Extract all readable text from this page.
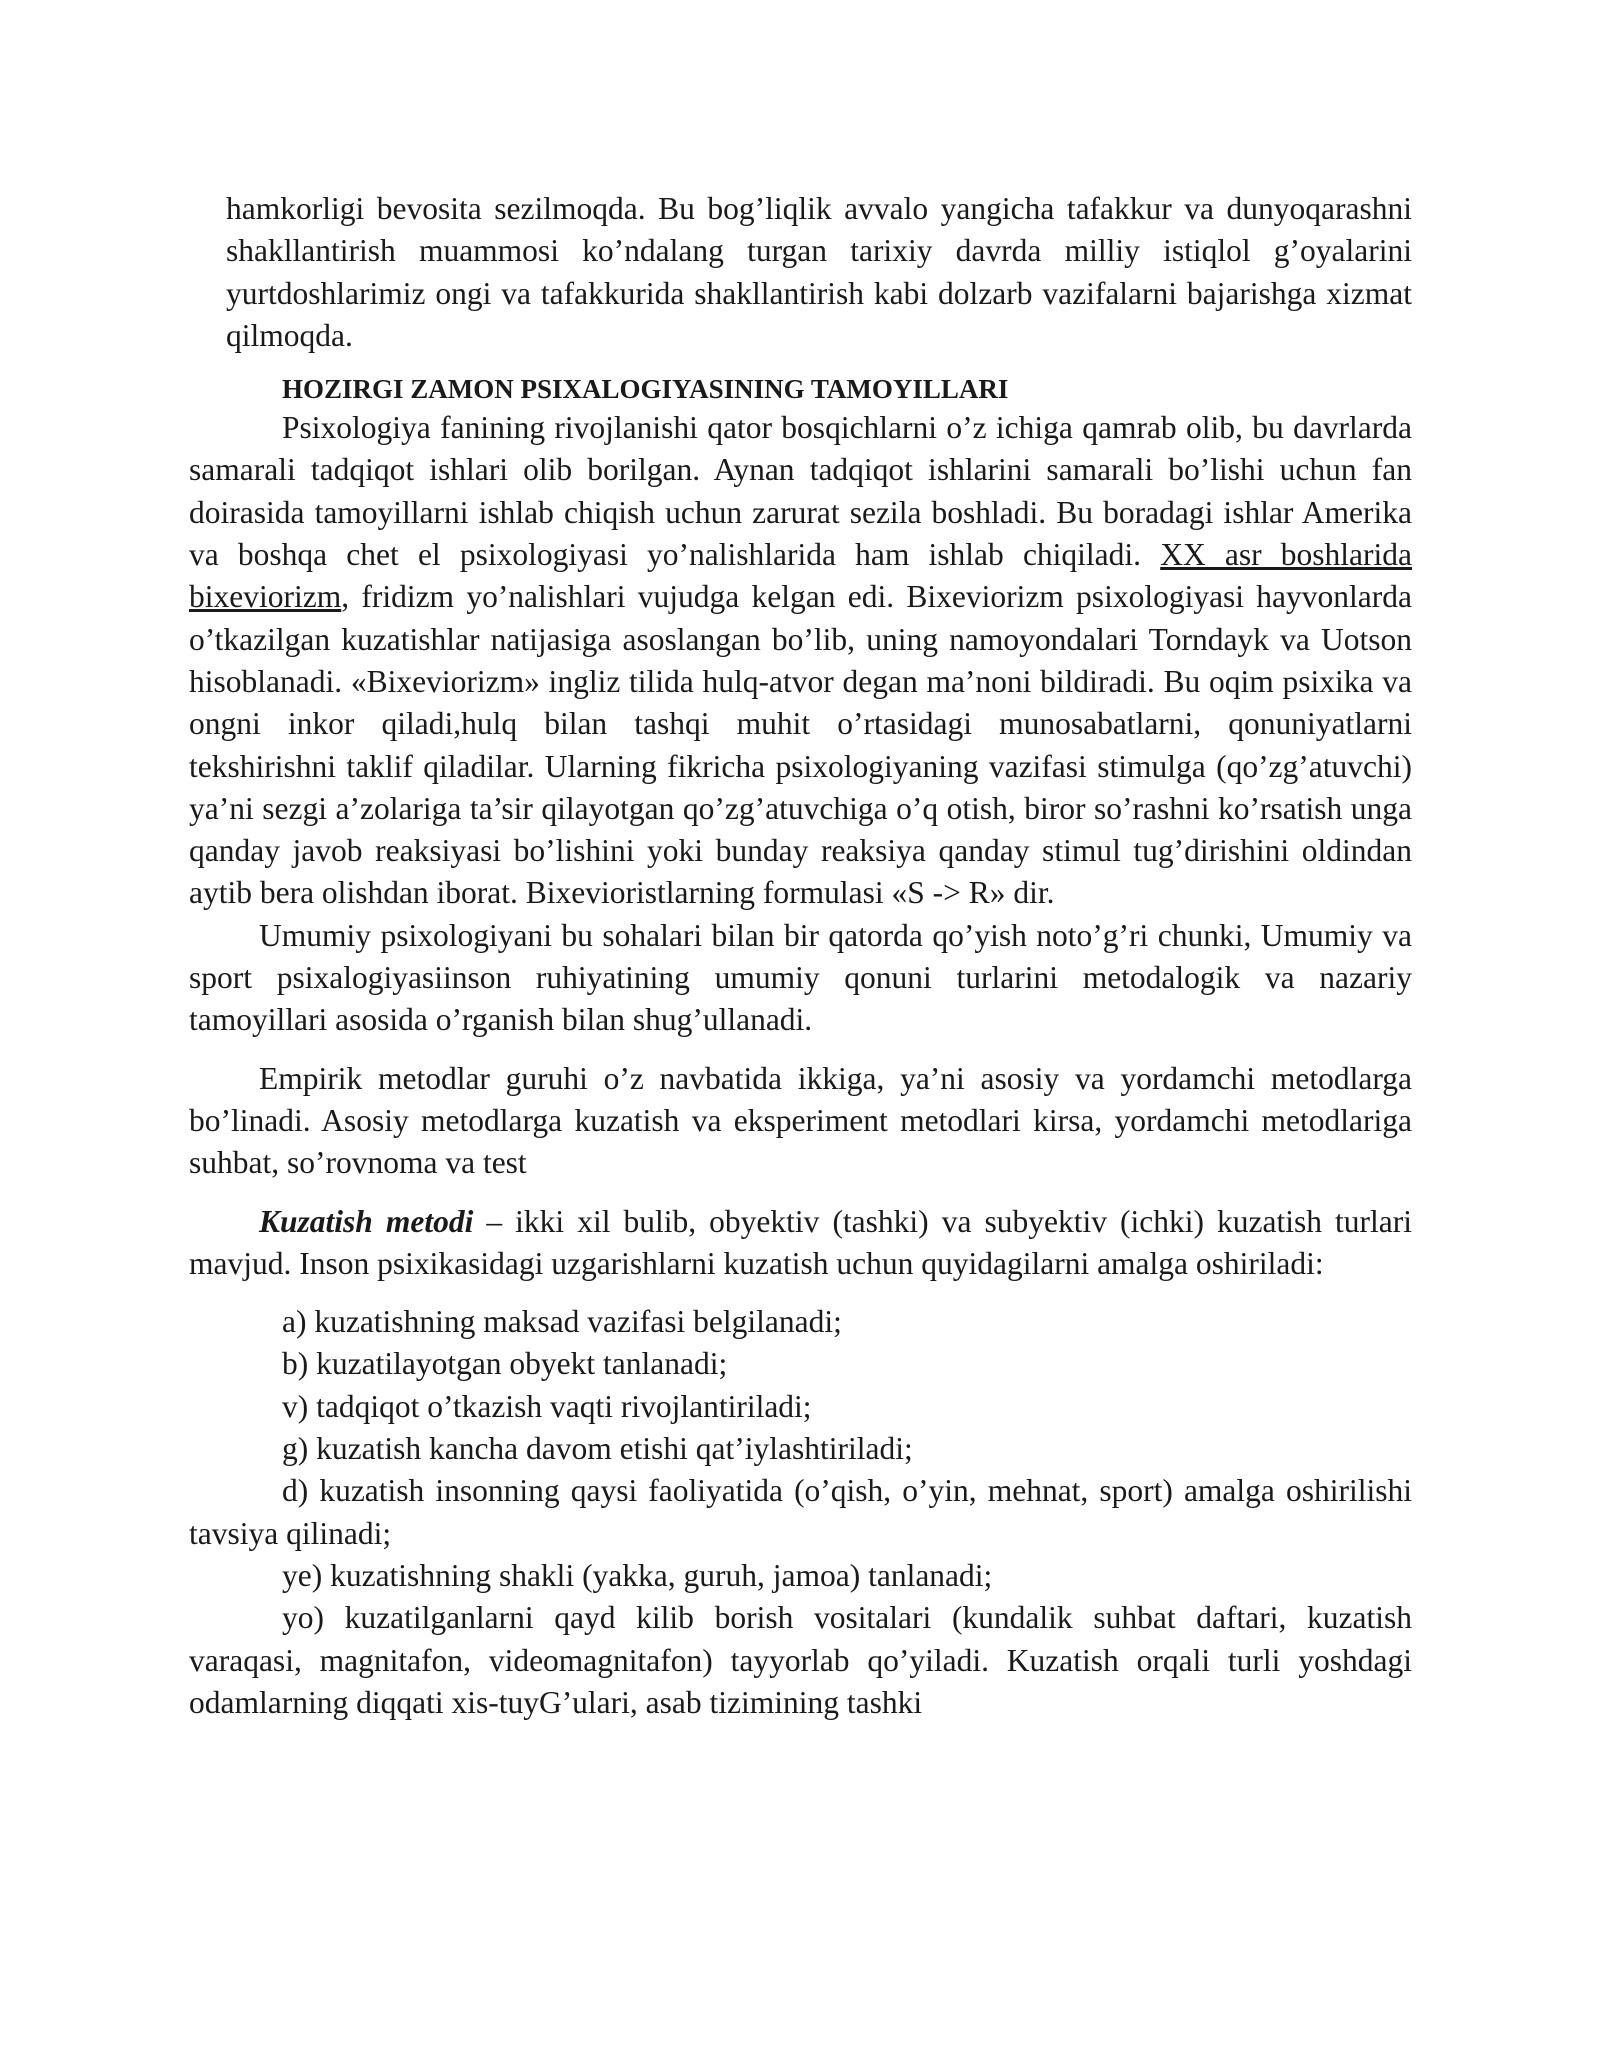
hamkorligi bevosita sezilmoqda. Bu bog’liqlik avvalo yangicha tafakkur va dunyoqarashni shakllantirish muammosi ko’ndalang turgan tarixiy davrda milliy istiqlol g’oyalarini yurtdoshlarimiz ongi va tafakkurida shakllantirish kabi dolzarb vazifalarni bajarishga xizmat qilmoqda.

HOZIRGI ZAMON PSIXALOGIYASINING TAMOYILLARI

Psixologiya fanining rivojlanishi qator bosqichlarni o’z ichiga qamrab olib, bu davrlarda samarali tadqiqot ishlari olib borilgan. Aynan tadqiqot ishlarini samarali bo’lishi uchun fan doirasida tamoyillarni ishlab chiqish uchun zarurat sezila boshladi. Bu boradagi ishlar Amerika va boshqa chet el psixologiyasi yo’nalishlarida ham ishlab chiqiladi. XX asr boshlarida bixeviorizm, fridizm yo’nalishlari vujudga kelgan edi. Bixeviorizm psixologiyasi hayvonlarda o’tkazilgan kuzatishlar natijasiga asoslangan bo’lib, uning namoyondalari Torndayk va Uotson hisoblanadi. «Bixeviorizm» ingliz tilida hulq-atvor degan ma’noni bildiradi. Bu oqim psixika va ongni inkor qiladi,hulq bilan tashqi muhit o’rtasidagi munosabatlarni, qonuniyatlarni tekshirishni taklif qiladilar. Ularning fikricha psixologiyaning vazifasi stimulga (qo’zg’atuvchi) ya’ni sezgi a’zolariga ta’sir qilayotgan qo’zg’atuvchiga o’q otish, biror so’rashni ko’rsatish unga qanday javob reaksiyasi bo’lishini yoki bunday reaksiya qanday stimul tug’dirishini oldindan aytib bera olishdan iborat. Bixevioristlarning formulasi «S -> R» dir.

Umumiy psixologiyani bu sohalari bilan bir qatorda qo’yish noto’g’ri chunki, Umumiy va sport psixalogiyasiinson ruhiyatining umumiy qonuni turlarini metodalogik va nazariy tamoyillari asosida o’rganish bilan shug’ullanadi.

Empirik metodlar guruhi o’z navbatida ikkiga, ya’ni asosiy va yordamchi metodlarga bo’linadi. Asosiy metodlarga kuzatish va eksperiment metodlari kirsa, yordamchi metodlariga suhbat, so’rovnoma va test

Kuzatish metodi – ikki xil bulib, obyektiv (tashki) va subyektiv (ichki) kuzatish turlari mavjud. Inson psixikasidagi uzgarishlarni kuzatish uchun quyidagilarni amalga oshiriladi:

a) kuzatishning maksad vazifasi belgilanadi;

b) kuzatilayotgan obyekt tanlanadi;

v) tadqiqot o’tkazish vaqti rivojlantiriladi;

g) kuzatish kancha davom etishi qat’iylashtiriladi;

d) kuzatish insonning qaysi faoliyatida (o’qish, o’yin, mehnat, sport) amalga oshirilishi tavsiya qilinadi;

ye) kuzatishning shakli (yakka, guruh, jamoa) tanlanadi;

yo) kuzatilganlarni qayd kilib borish vositalari (kundalik suhbat daftari, kuzatish varaqasi, magnitafon, videomagnitafon) tayyorlab qo’yiladi. Kuzatish orqali turli yoshdagi odamlarning diqqati xis-tuyG’ulari, asab tizimining tashki
